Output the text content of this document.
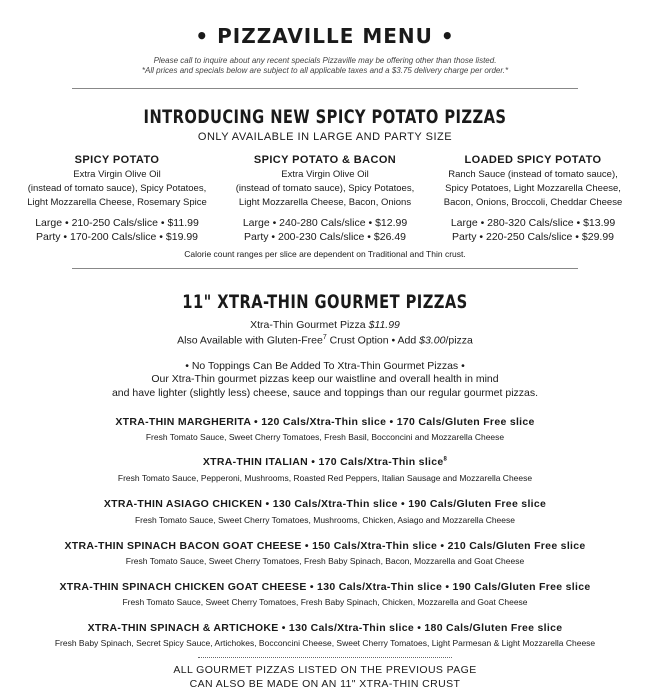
• PIZZAVILLE MENU •
Please call to inquire about any recent specials Pizzaville may be offering other than those listed.
*All prices and specials below are subject to all applicable taxes and a $3.75 delivery charge per order.*
INTRODUCING NEW SPICY POTATO PIZZAS
ONLY AVAILABLE IN LARGE AND PARTY SIZE
SPICY POTATO
Extra Virgin Olive Oil
(instead of tomato sauce), Spicy Potatoes,
Light Mozzarella Cheese, Rosemary Spice
Large • 210-250 Cals/slice • $11.99
Party • 170-200 Cals/slice • $19.99
SPICY POTATO & BACON
Extra Virgin Olive Oil
(instead of tomato sauce), Spicy Potatoes,
Light Mozzarella Cheese, Bacon, Onions
Large • 240-280 Cals/slice • $12.99
Party • 200-230 Cals/slice • $26.49
LOADED SPICY POTATO
Ranch Sauce (instead of tomato sauce),
Spicy Potatoes, Light Mozzarella Cheese,
Bacon, Onions, Broccoli, Cheddar Cheese
Large • 280-320 Cals/slice • $13.99
Party • 220-250 Cals/slice • $29.99
Calorie count ranges per slice are dependent on Traditional and Thin crust.
11" XTRA-THIN GOURMET PIZZAS
Xtra-Thin Gourmet Pizza $11.99
Also Available with Gluten-Free$^7$ Crust Option • Add $3.00/pizza
• No Toppings Can Be Added To Xtra-Thin Gourmet Pizzas •
Our Xtra-Thin gourmet pizzas keep our waistline and overall health in mind
and have lighter (slightly less) cheese, sauce and toppings than our regular gourmet pizzas.
XTRA-THIN MARGHERITA • 120 Cals/Xtra-Thin slice • 170 Cals/Gluten Free slice
Fresh Tomato Sauce, Sweet Cherry Tomatoes, Fresh Basil, Bocconcini and Mozzarella Cheese
XTRA-THIN ITALIAN • 170 Cals/Xtra-Thin slice$^8$
Fresh Tomato Sauce, Pepperoni, Mushrooms, Roasted Red Peppers, Italian Sausage and Mozzarella Cheese
XTRA-THIN ASIAGO CHICKEN • 130 Cals/Xtra-Thin slice • 190 Cals/Gluten Free slice
Fresh Tomato Sauce, Sweet Cherry Tomatoes, Mushrooms, Chicken, Asiago and Mozzarella Cheese
XTRA-THIN SPINACH BACON GOAT CHEESE • 150 Cals/Xtra-Thin slice • 210 Cals/Gluten Free slice
Fresh Tomato Sauce, Sweet Cherry Tomatoes, Fresh Baby Spinach, Bacon, Mozzarella and Goat Cheese
XTRA-THIN SPINACH CHICKEN GOAT CHEESE • 130 Cals/Xtra-Thin slice • 190 Cals/Gluten Free slice
Fresh Tomato Sauce, Sweet Cherry Tomatoes, Fresh Baby Spinach, Chicken, Mozzarella and Goat Cheese
XTRA-THIN SPINACH & ARTICHOKE • 130 Cals/Xtra-Thin slice • 180 Cals/Gluten Free slice
Fresh Baby Spinach, Secret Spicy Sauce, Artichokes, Bocconcini Cheese, Sweet Cherry Tomatoes, Light Parmesan & Light Mozzarella Cheese
ALL GOURMET PIZZAS LISTED ON THE PREVIOUS PAGE
CAN ALSO BE MADE ON AN 11" XTRA-THIN CRUST
